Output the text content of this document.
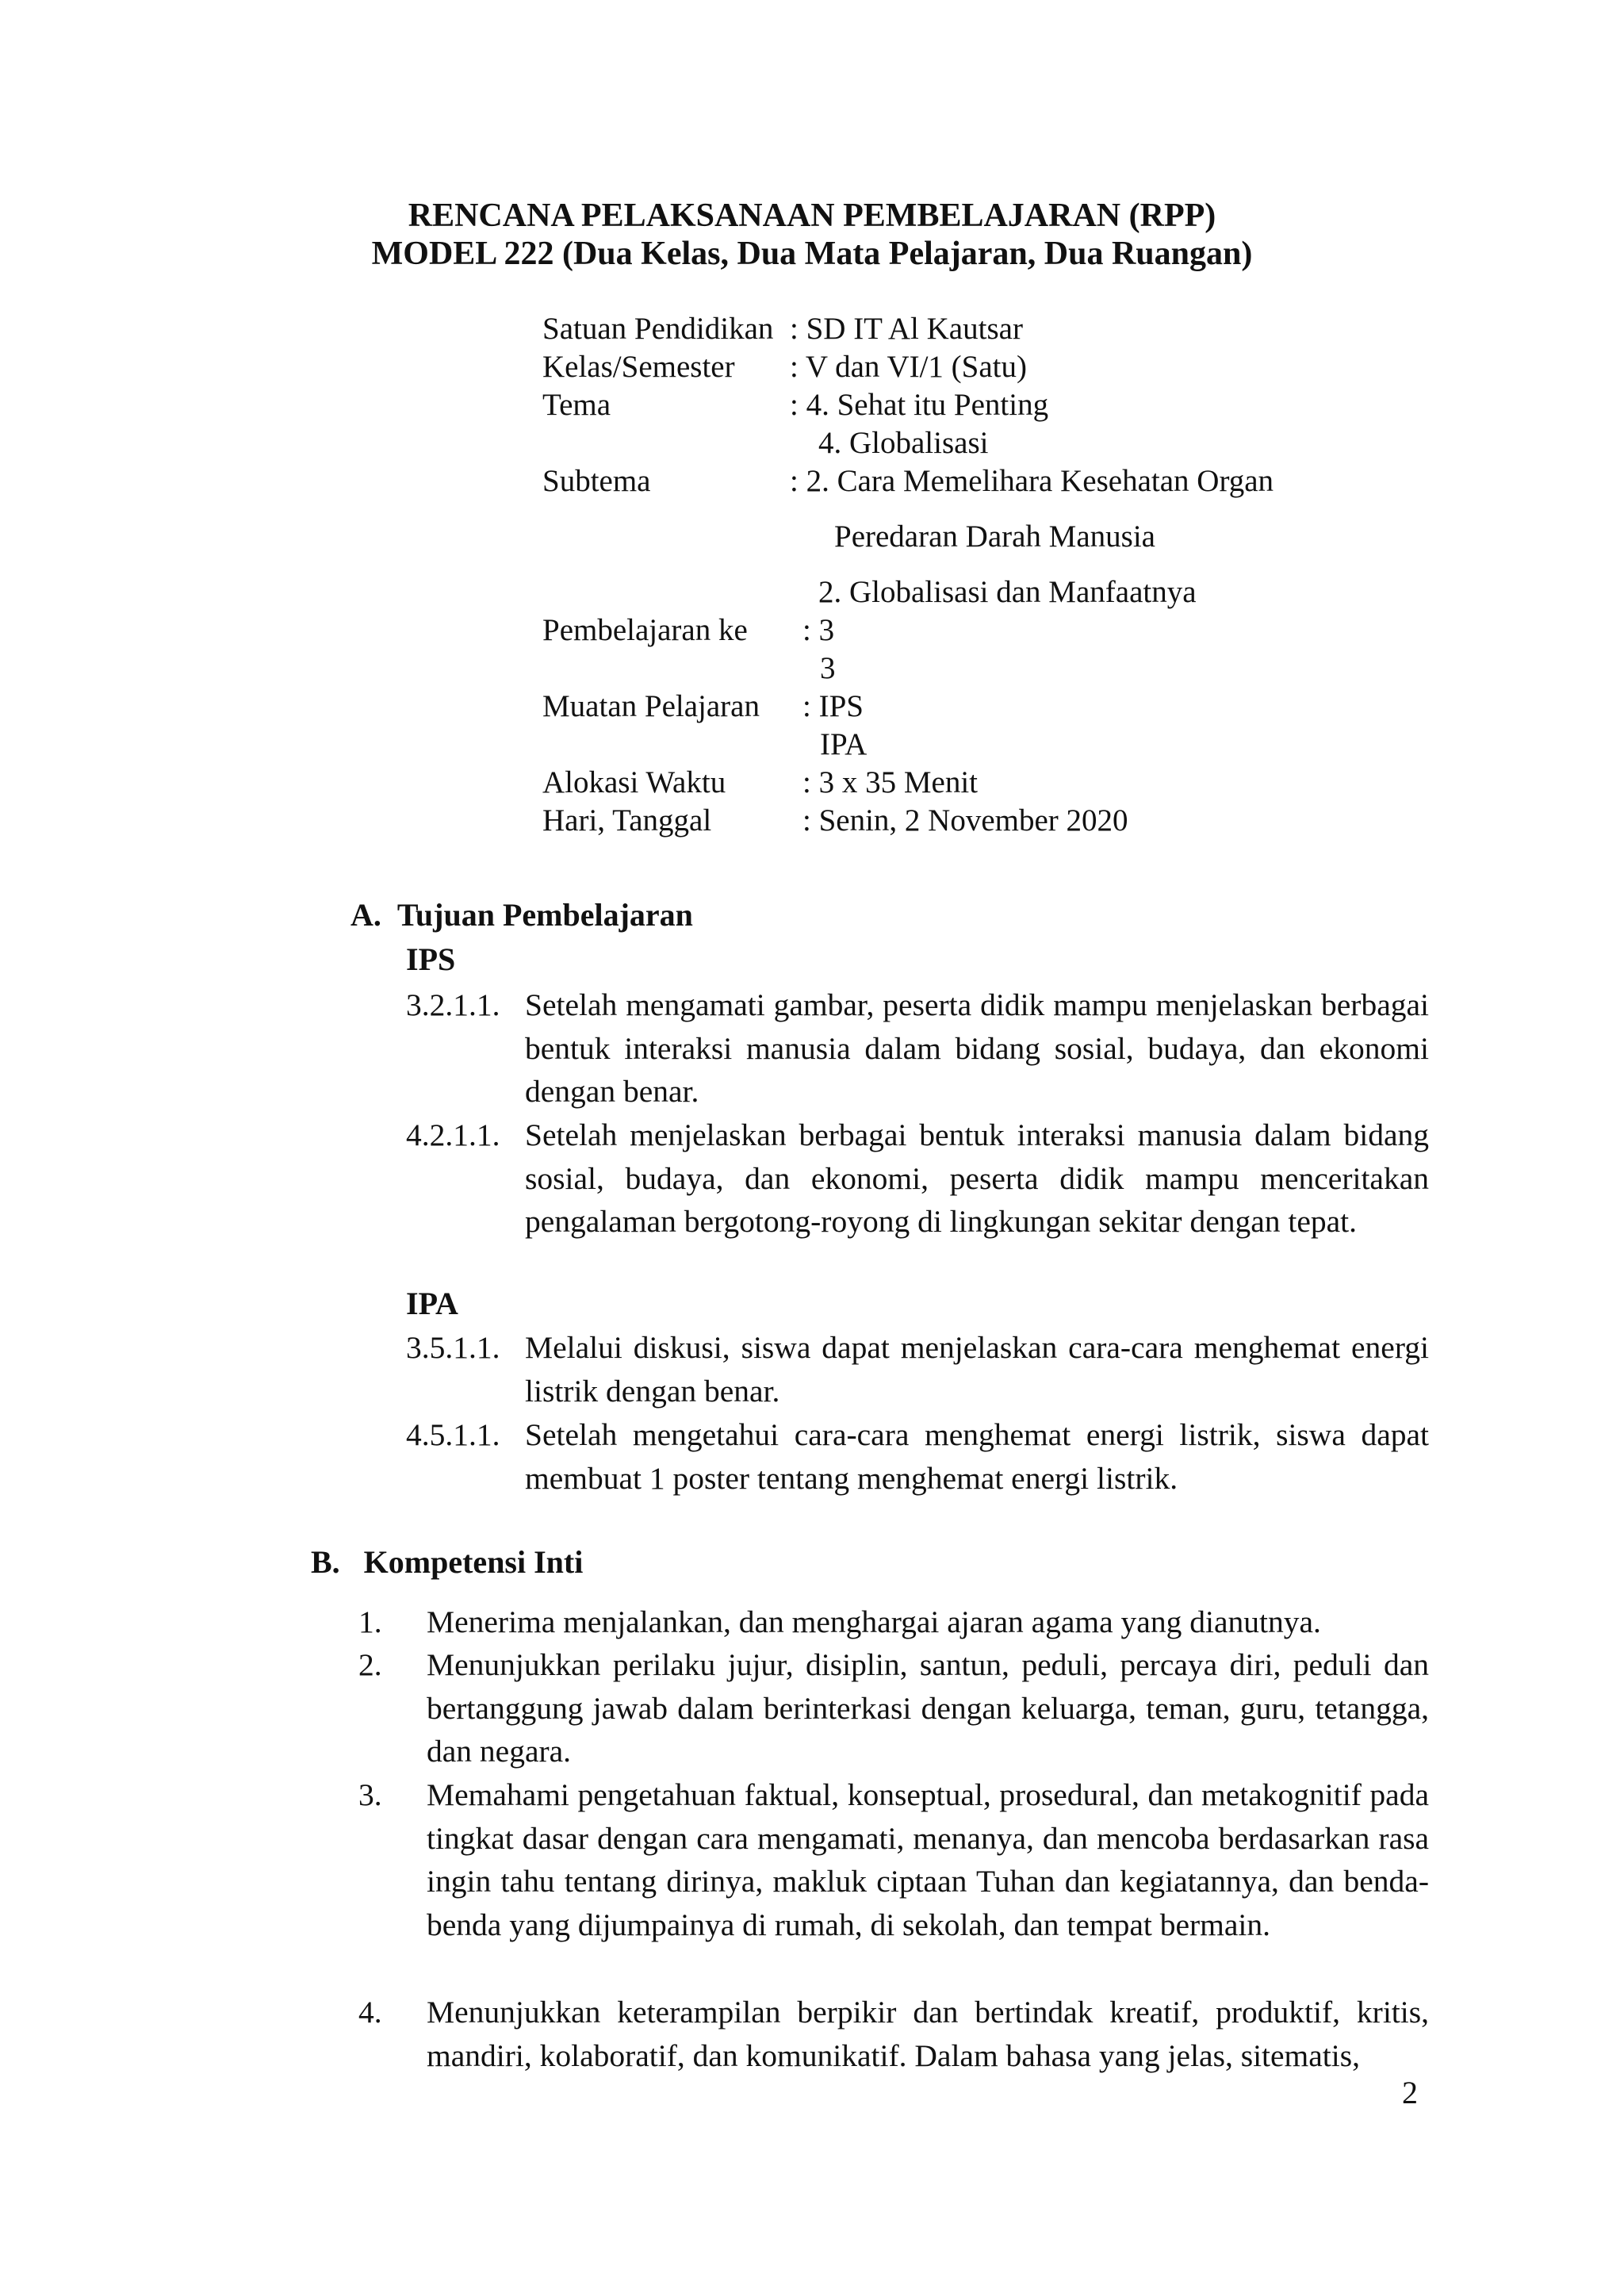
RENCANA PELAKSANAAN PEMBELAJARAN (RPP)
MODEL 222 (Dua Kelas, Dua Mata Pelajaran, Dua Ruangan)
Satuan Pendidikan : SD IT Al Kautsar
Kelas/Semester : V dan VI/1 (Satu)
Tema	: 4. Sehat itu Penting
4. Globalisasi
Subtema	: 2. Cara Memelihara Kesehatan Organ
Peredaran Darah Manusia
2. Globalisasi dan Manfaatnya
Pembelajaran ke : 3
3
Muatan Pelajaran : IPS
IPA
Alokasi Waktu : 3 x 35 Menit
Hari, Tanggal	: Senin, 2 November 2020
A.  Tujuan Pembelajaran
IPS
3.2.1.1. Setelah mengamati gambar, peserta didik mampu menjelaskan berbagai bentuk interaksi manusia dalam bidang sosial, budaya, dan ekonomi dengan benar.
4.2.1.1. Setelah menjelaskan berbagai bentuk interaksi manusia dalam bidang sosial, budaya, dan ekonomi, peserta didik mampu menceritakan pengalaman bergotong-royong di lingkungan sekitar dengan tepat.
IPA
3.5.1.1. Melalui diskusi, siswa dapat menjelaskan cara-cara menghemat energi listrik dengan benar.
4.5.1.1. Setelah mengetahui cara-cara menghemat energi listrik, siswa dapat membuat 1 poster tentang menghemat energi listrik.
B.   Kompetensi Inti
1.	Menerima menjalankan, dan menghargai ajaran agama yang dianutnya.
2.	Menunjukkan perilaku jujur, disiplin, santun, peduli, percaya diri, peduli dan bertanggung jawab dalam berinterkasi dengan keluarga, teman, guru, tetangga, dan negara.
3.	Memahami pengetahuan faktual, konseptual, prosedural, dan metakognitif pada tingkat dasar dengan cara mengamati, menanya, dan mencoba berdasarkan rasa ingin tahu tentang dirinya, makluk ciptaan Tuhan dan kegiatannya, dan benda-benda yang dijumpainya di rumah, di sekolah, dan tempat bermain.
4.	Menunjukkan keterampilan berpikir dan bertindak kreatif, produktif, kritis, mandiri, kolaboratif, dan komunikatif. Dalam bahasa yang jelas, sitematis,
2
